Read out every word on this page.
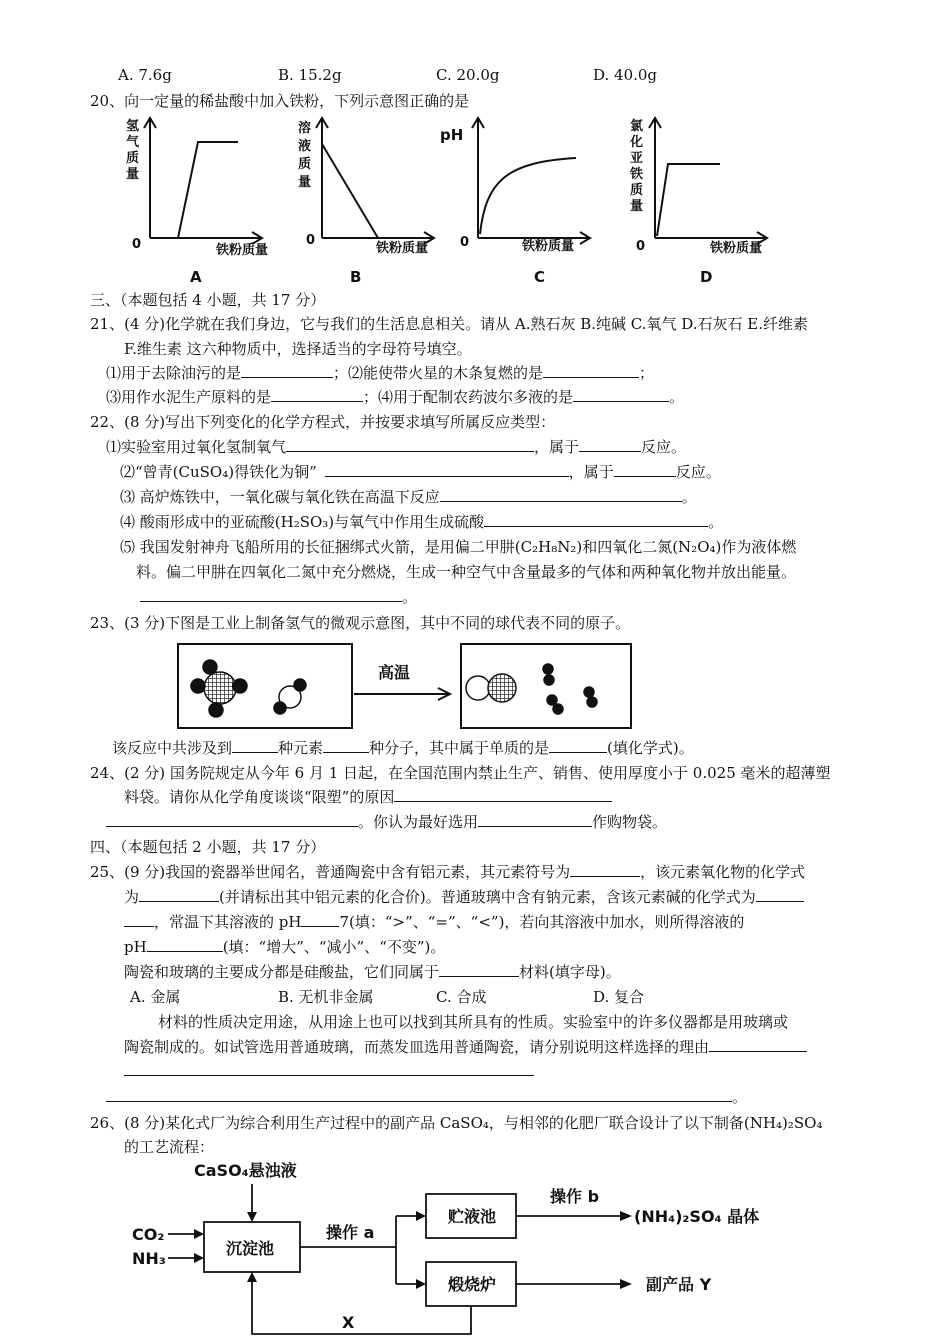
A. 7.6g	B. 15.2g	C. 20.0g	D. 40.0g
20、向一定量的稀盐酸中加入铁粉，下列示意图正确的是
氢
气
质
量
0	铁粉质量
A
溶
液
质
量
0
铁粉质量
B
pH
0	铁粉质量
C
氯
化
亚
铁
质
量
0	铁粉质量
D
三、（本题包括 4 小题，共 17 分）
21、(4 分)化学就在我们身边，它与我们的生活息息相关。请从 A.熟石灰 B.纯碱 C.氧气 D.石灰石 E.纤维素
F.维生素 这六种物质中，选择适当的字母符号填空。
⑴用于去除油污的是	；⑵能使带火星的木条复燃的是	；
⑶用作水泥生产原料的是	；⑷用于配制农药波尔多液的是	。
22、(8 分)写出下列变化的化学方程式，并按要求填写所属反应类型：
⑴实验室用过氧化氢制氧气	，属于	反应。
⑵“曾青(CuSO₄)得铁化为铜”	，属于	反应。
⑶ 高炉炼铁中，一氧化碳与氧化铁在高温下反应	。
⑷ 酸雨形成中的亚硫酸(H₂SO₃)与氧气中作用生成硫酸	。
⑸ 我国发射神舟飞船所用的长征捆绑式火箭，是用偏二甲肼(C₂H₈N₂)和四氧化二氮(N₂O₄)作为液体燃
料。偏二甲肼在四氧化二氮中充分燃烧，生成一种空气中含量最多的气体和两种氧化物并放出能量。
。
23、(3 分)下图是工业上制备氢气的微观示意图，其中不同的球代表不同的原子。
高温
该反应中共涉及到	种元素	种分子，其中属于单质的是	(填化学式)。
24、(2 分) 国务院规定从今年 6 月 1 日起，在全国范围内禁止生产、销售、使用厚度小于 0.025 毫米的超薄塑
料袋。请你从化学角度谈谈“限塑”的原因
。你认为最好选用	作购物袋。
四、（本题包括 2 小题，共 17 分）
25、(9 分)我国的瓷器举世闻名，普通陶瓷中含有铝元素，其元素符号为	，该元素氧化物的化学式
为	(并请标出其中铝元素的化合价)。普通玻璃中含有钠元素，含该元素碱的化学式为
，常温下其溶液的 pH	7(填：“>”、“=”、“<”)，若向其溶液中加水，则所得溶液的
pH	(填：“增大”、“减小”、“不变”)。
陶瓷和玻璃的主要成分都是硅酸盐，它们同属于	材料(填字母)。
A. 金属	B. 无机非金属	C. 合成	D. 复合
材料的性质决定用途，从用途上也可以找到其所具有的性质。实验室中的许多仪器都是用玻璃或
陶瓷制成的。如试管选用普通玻璃，而蒸发皿选用普通陶瓷，请分别说明这样选择的理由
。
26、(8 分)某化式厂为综合利用生产过程中的副产品 CaSO₄，与相邻的化肥厂联合设计了以下制备(NH₄)₂SO₄
的工艺流程：
CaSO₄悬浊液
CO₂
NH₃
沉淀池
操作 a
贮液池
煅烧炉
操作 b
(NH₄)₂SO₄ 晶体
副产品 Y
X
